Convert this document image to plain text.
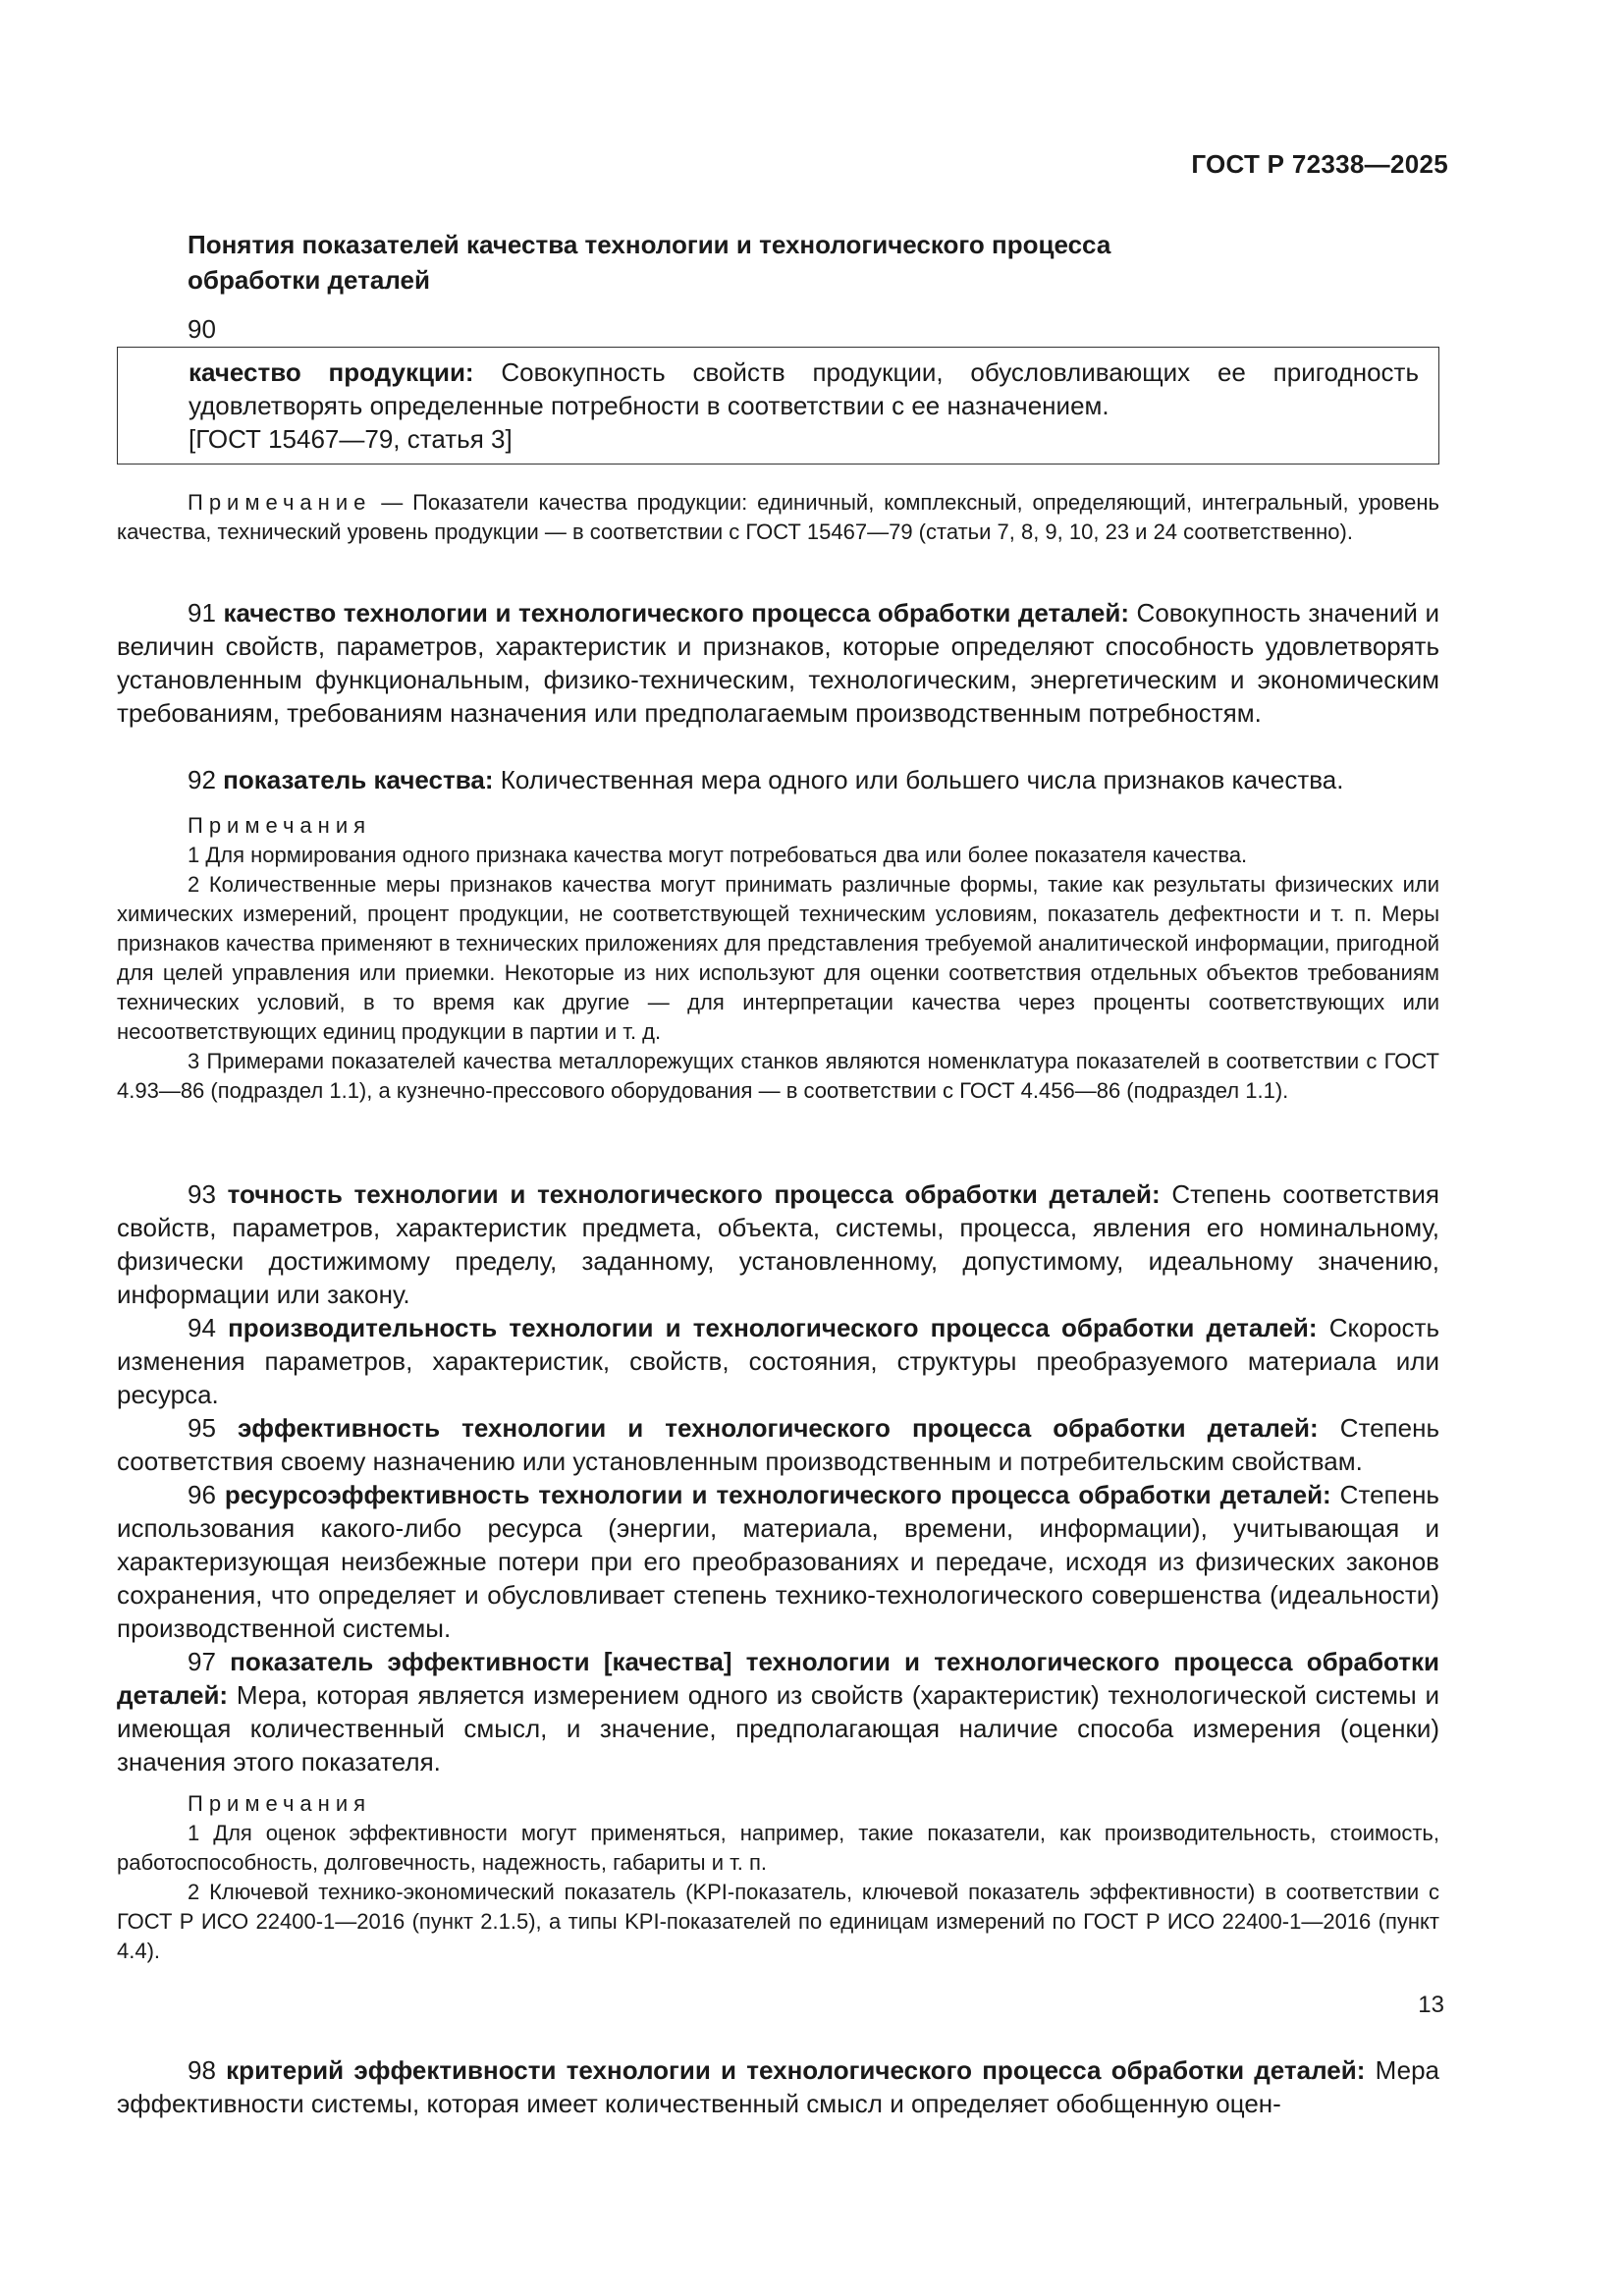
ГОСТ Р 72338—2025
Понятия показателей качества технологии и технологического процесса обработки деталей
90
качество продукции: Совокупность свойств продукции, обусловливающих ее пригодность удовлетворять определенные потребности в соответствии с ее назначением.
[ГОСТ 15467—79, статья 3]
Примечание — Показатели качества продукции: единичный, комплексный, определяющий, интегральный, уровень качества, технический уровень продукции — в соответствии с ГОСТ 15467—79 (статьи 7, 8, 9, 10, 23 и 24 соответственно).
91 качество технологии и технологического процесса обработки деталей: Совокупность значений и величин свойств, параметров, характеристик и признаков, которые определяют способность удовлетворять установленным функциональным, физико-техническим, технологическим, энергетическим и экономическим требованиям, требованиям назначения или предполагаемым производственным потребностям.
92 показатель качества: Количественная мера одного или большего числа признаков качества.

Примечания

1 Для нормирования одного признака качества могут потребоваться два или более показателя качества.

2 Количественные меры признаков качества могут принимать различные формы, такие как результаты физических или химических измерений, процент продукции, не соответствующей техническим условиям, показатель дефектности и т. п. Меры признаков качества применяют в технических приложениях для представления требуемой аналитической информации, пригодной для целей управления или приемки. Некоторые из них используют для оценки соответствия отдельных объектов требованиям технических условий, в то время как другие — для интерпретации качества через проценты соответствующих или несоответствующих единиц продукции в партии и т. д.

3 Примерами показателей качества металлорежущих станков являются номенклатура показателей в соответствии с ГОСТ 4.93—86 (подраздел 1.1), а кузнечно-прессового оборудования — в соответствии с ГОСТ 4.456—86 (подраздел 1.1).

93 точность технологии и технологического процесса обработки деталей: Степень соответствия свойств, параметров, характеристик предмета, объекта, системы, процесса, явления его номинальному, физически достижимому пределу, заданному, установленному, допустимому, идеальному значению, информации или закону.
94 производительность технологии и технологического процесса обработки деталей: Скорость изменения параметров, характеристик, свойств, состояния, структуры преобразуемого материала или ресурса.
95 эффективность технологии и технологического процесса обработки деталей: Степень соответствия своему назначению или установленным производственным и потребительским свойствам.
96 ресурсоэффективность технологии и технологического процесса обработки деталей: Степень использования какого-либо ресурса (энергии, материала, времени, информации), учитывающая и характеризующая неизбежные потери при его преобразованиях и передаче, исходя из физических законов сохранения, что определяет и обусловливает степень технико-технологического совершенства (идеальности) производственной системы.
97 показатель эффективности [качества] технологии и технологического процесса обработки деталей: Мера, которая является измерением одного из свойств (характеристик) технологической системы и имеющая количественный смысл, и значение, предполагающая наличие способа измерения (оценки) значения этого показателя.

Примечания

1 Для оценок эффективности могут применяться, например, такие показатели, как производительность, стоимость, работоспособность, долговечность, надежность, габариты и т. п.

2 Ключевой технико-экономический показатель (KPI-показатель, ключевой показатель эффективности) в соответствии с ГОСТ Р ИСО 22400-1—2016 (пункт 2.1.5), а типы KPI-показателей по единицам измерений по ГОСТ Р ИСО 22400-1—2016 (пункт 4.4).

98 критерий эффективности технологии и технологического процесса обработки деталей: Мера эффективности системы, которая имеет количественный смысл и определяет обобщенную оцен-
13
